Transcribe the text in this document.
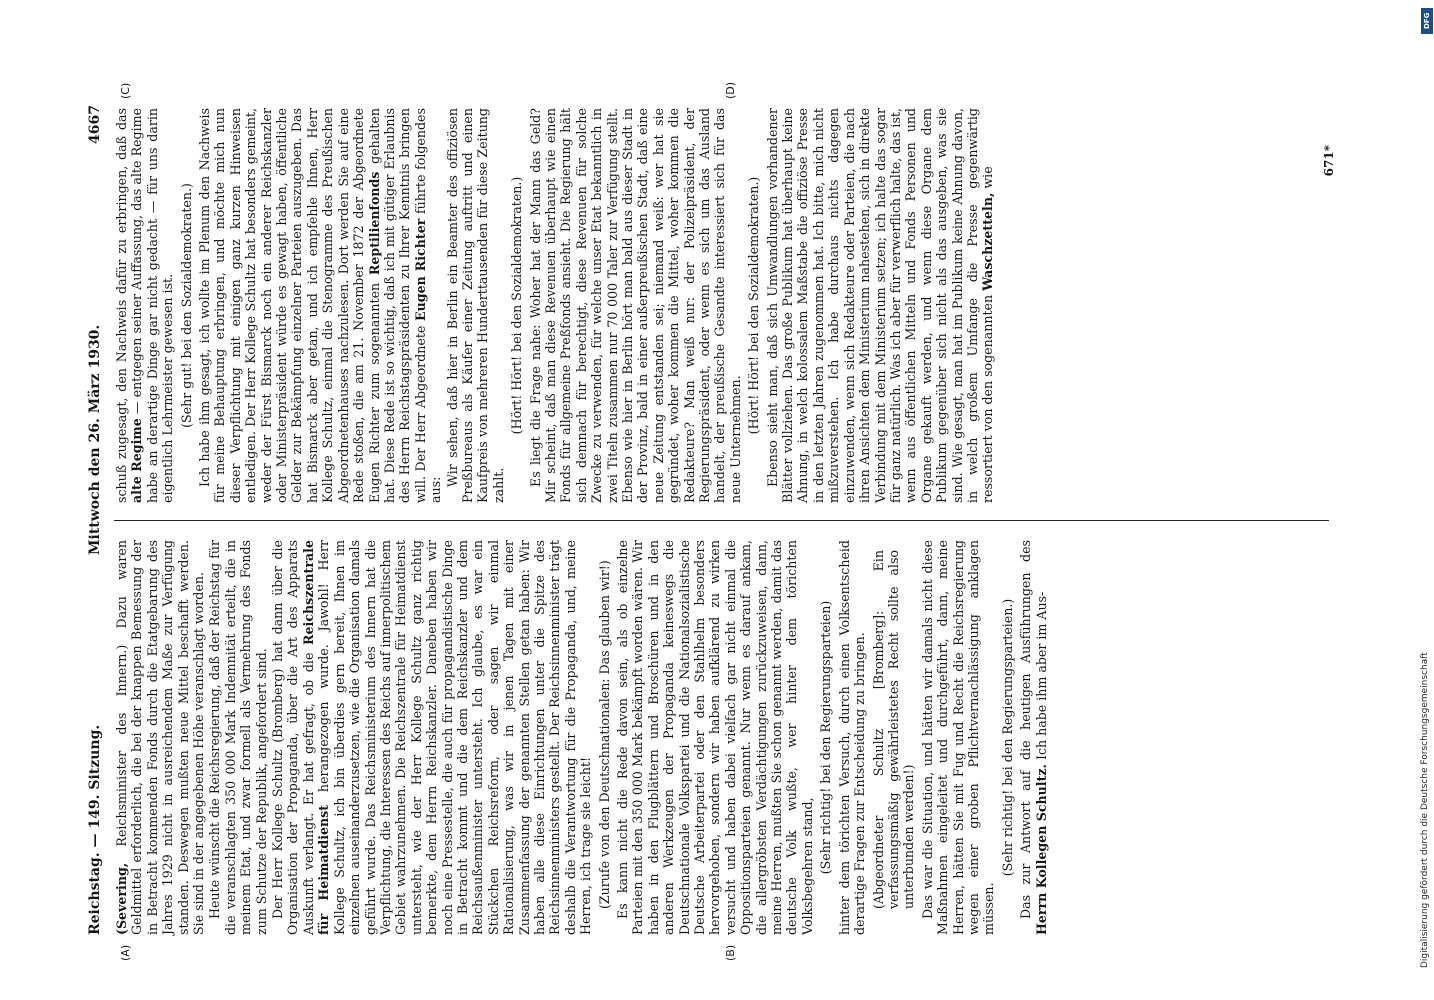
Reichstag. — 149. Sitzung.
Mittwoch den 26. März 1930.
4667
(A)	(B)
(C)	(D)

(Severing, Reichsminister des Innern.) Dazu waren Geldmittel erforderlich, die bei der knappen Bemessung der in Betracht kommenden Fonds durch die Etatgebarung des Jahres 1929 nicht in ausreichendem Maße zur Verfügung standen. Deswegen mußten neue Mittel beschafft werden. Sie sind in der angegebenen Höhe veranschlagt worden. Heute wünscht die Reichsregierung, daß der Reichstag für die veranschlagten 350 000 Mark Indemnität erteilt, die in meinem Etat, und zwar formell als Vermehrung des Fonds zum Schutze der Republik, angefordert sind. Der Herr Kollege Schultz (Bromberg) hat dann über die Organisation der Propaganda, über die Art des Apparats Auskunft verlangt. Er hat gefragt, ob die Reichszentrale für Heimatdienst herangezogen wurde. Jawohl! Herr Kollege Schultz, ich bin überdies gern bereit, Ihnen im einzelnen auseinanderzusetzen, wie die Organisation damals geführt wurde. Das Reichsministerium des Innern hat die Verpflichtung, die Interessen des Reichs auf innerpolitischem Gebiet wahrzunehmen. Die Reichszentrale für Heimatdienst untersteht, wie der Herr Kollege Schultz ganz richtig bemerkte, dem Herrn Reichskanzler. Daneben haben wir noch eine Pressestelle, die auch für propagandistische Dinge in Betracht kommt und die dem Reichskanzler und dem Reichsaußenminister untersteht. Ich glaube, es war ein Stückchen Reichsreform, oder sagen wir einmal Rationalisierung, was wir in jenen Tagen mit einer Zusammenfassung der genannten Stellen getan haben: Wir haben alle diese Einrichtungen unter die Spitze des Reichsinnenministers gestellt. Der Reichsinnenminister trägt deshalb die Verantwortung für die Propaganda, und, meine Herren, ich trage sie leicht! (Zurufe von den Deutschnationalen: Das glauben wir!) Es kann nicht die Rede davon sein, als ob einzelne Parteien mit den 350 000 Mark bekämpft worden wären. Wir haben in den Flugblättern und Broschüren und in den anderen Werkzeugen der Propaganda keineswegs die Deutschnationale Volkspartei und die Nationalsozialistische Deutsche Arbeiterpartei oder den Stahlhelm besonders hervorgehoben, sondern wir haben aufklärend zu wirken versucht und haben dabei vielfach gar nicht einmal die Oppositionsparteien genannt. Nur wenn es darauf ankam, die allergröbsten Verdächtigungen zurückzuweisen, dann, meine Herren, mußten Sie schon genannt werden, damit das deutsche Volk wußte, wer hinter dem törichten Volksbegehren stand, (Sehr richtig! bei den Regierungsparteien) hinter dem törichten Versuch, durch einen Volksentscheid derartige Fragen zur Entscheidung zu bringen. (Abgeordneter Schultz [Bromberg]: Ein verfassungsmäßig gewährleistetes Recht sollte also unterbunden werden!) Das war die Situation, und hätten wir damals nicht diese Maßnahmen eingeleitet und durchgeführt, dann, meine Herren, hätten Sie mit Fug und Recht die Reichsregierung wegen einer groben Pflichtvernachlässigung anklagen müssen.

(Sehr richtig! bei den Regierungsparteien.) Das zur Antwort auf die heutigen Ausführungen des Herrn Kollegen Schultz. Ich habe ihm aber im Aus-

schuß zugesagt, den Nachweis dafür zu erbringen, daß das alte Regime — entgegen seiner Auffassung, das alte Regime habe an derartige Dinge gar nicht gedacht — für uns darin eigentlich Lehrmeister gewesen ist. (Sehr gut! bei den Sozialdemokraten.) Ich habe ihm gesagt, ich wollte im Plenum den Nachweis für meine Behauptung erbringen, und möchte mich nun dieser Verpflichtung mit einigen ganz kurzen Hinweisen entledigen. Der Herr Kollege Schultz hat besonders gemeint, weder der Fürst Bismarck noch ein anderer Reichskanzler oder Ministerpräsident würde es gewagt haben, öffentliche Gelder zur Bekämpfung einzelner Parteien auszugeben. Das hat Bismarck aber getan, und ich empfehle Ihnen, Herr Kollege Schultz, einmal die Stenogramme des Preußischen Abgeordnetenhauses nachzulesen. Dort werden Sie auf eine Rede stoßen, die am 21. November 1872 der Abgeordnete Eugen Richter zum sogenannten Reptilienfonds gehalten hat. Diese Rede ist so wichtig, daß ich mit gütiger Erlaubnis des Herrn Reichstagspräsidenten zu Ihrer Kenntnis bringen will. Der Herr Abgeordnete Eugen Richter führte folgendes aus:

Wir sehen, daß hier in Berlin ein Beamter des offiziösen Preßbureaus als Käufer einer Zeitung auftritt und einen Kaufpreis von mehreren Hunderttausenden für diese Zeitung zahlt.

(Hört! Hört! bei den Sozialdemokraten.) Es liegt die Frage nahe: Woher hat der Mann das Geld? Mir scheint, daß man diese Revenuen überhaupt wie einen Fonds für allgemeine Preßfonds ansieht. Die Regierung hält sich demnach für berechtigt, diese Revenuen für solche Zwecke zu verwenden, für welche unser Etat bekanntlich in zwei Titeln zusammen nur 70 000 Taler zur Verfügung stellt. Ebenso wie hier in Berlin hört man bald aus dieser Stadt in der Provinz, bald in einer außerpreußischen Stadt, daß eine neue Zeitung entstanden sei; niemand weiß: wer hat sie gegründet, woher kommen die Mittel, woher kommen die Redakteure? Man weiß nur: der Polizeipräsident, der Regierungspräsident, oder wenn es sich um das Ausland handelt, der preußische Gesandte interessiert sich für das neue Unternehmen.

(Hört! Hört! bei den Sozialdemokraten.) Ebenso sieht man, daß sich Umwandlungen vorhandener Blätter vollziehen. Das große Publikum hat überhaupt keine Ahnung, in welch kolossalem Maßstabe die offiziöse Presse in den letzten Jahren zugenommen hat. Ich bitte, mich nicht mißzuverstehen. Ich habe durchaus nichts dagegen einzuwenden, wenn sich Redakteure oder Parteien, die nach ihren Ansichten dem Ministerium nahestehen, sich in direkte Verbindung mit dem Ministerium setzen; ich halte das sogar für ganz natürlich. Was ich aber für verwerflich halte, das ist, wenn aus öffentlichen Mitteln und Fonds Personen und Organe gekauft werden, und wenn diese Organe dem Publikum gegenüber sich nicht als das ausgeben, was sie sind. Wie gesagt, man hat im Publikum keine Ahnung davon, in welch großem Umfange die Presse gegenwärtig ressortiert von den sogenannten Waschzetteln, wie

671*
DFG
Digitalisierung gefördert durch die Deutsche Forschungsgemeinschaft
